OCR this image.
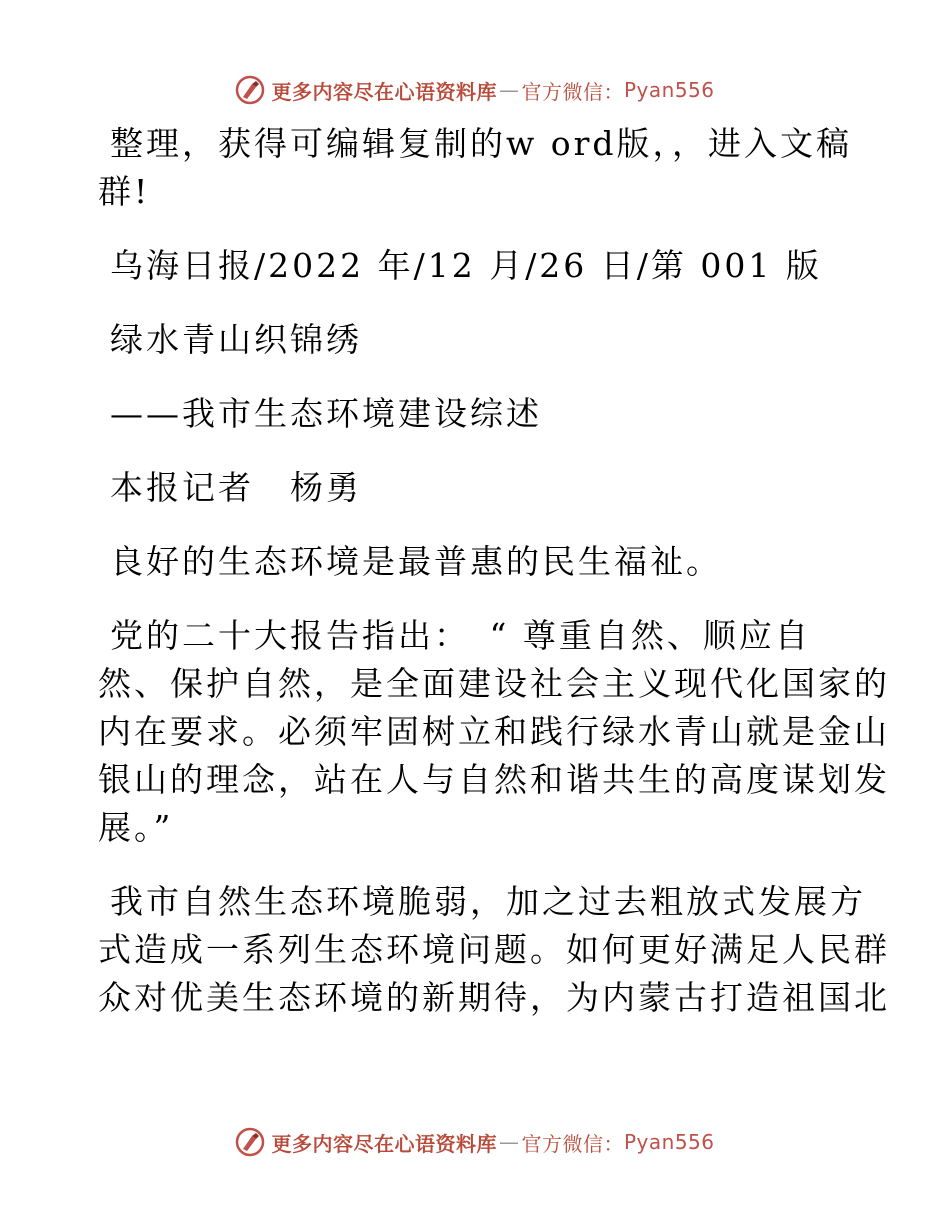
更多内容尽在心语资料库 — 官方微信： Pyan556

整理，获得可编辑复制的w ord版，，进入文稿

群!

乌海日报/2022 年/12 月/26 日/第 001 版

绿水青山织锦绣

——我市生态环境建设综述

本报记者　杨勇

良好的生态环境是最普惠的民生福祉。

党的二十大报告指出：　“ 尊重自然、顺应自

然、保护自然，是全面建设社会主义现代化国家的

内在要求。必须牢固树立和践行绿水青山就是金山

银山的理念，站在人与自然和谐共生的高度谋划发

展。”

我市自然生态环境脆弱，加之过去粗放式发展方

式造成一系列生态环境问题。如何更好满足人民群

众对优美生态环境的新期待，为内蒙古打造祖国北

更多内容尽在心语资料库 — 官方微信： Pyan556
